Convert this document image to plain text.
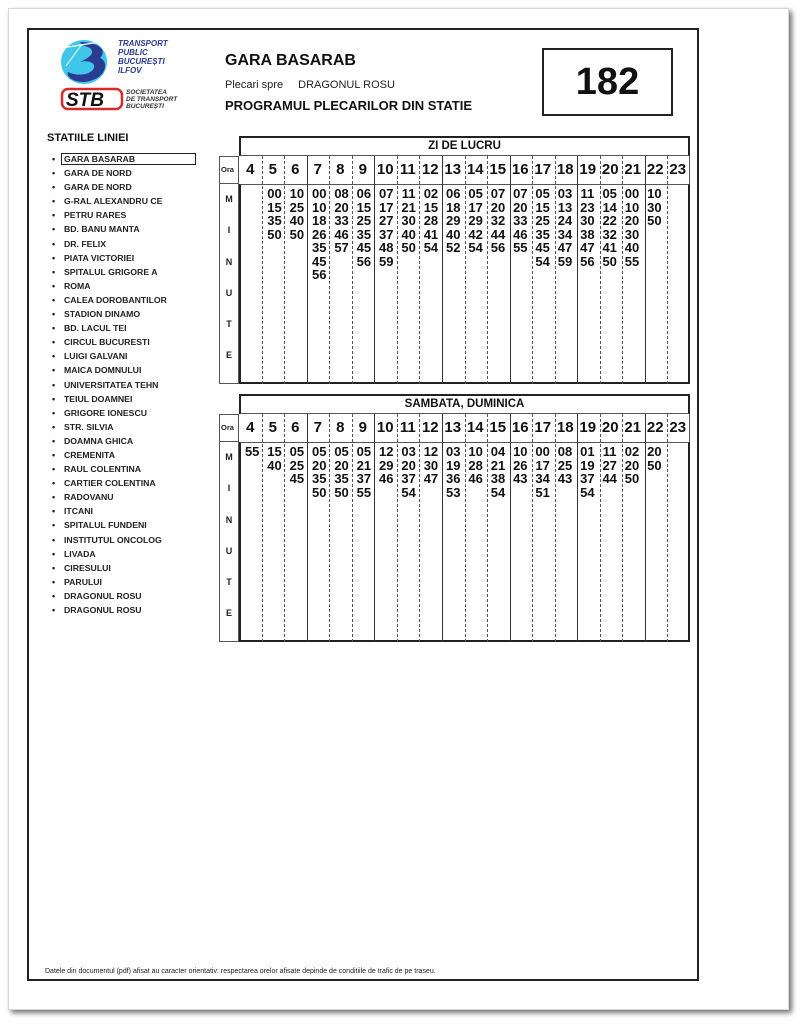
TRANSPORT
PUBLIC
BUCUREȘTI
ILFOV
STB	SOCIETATEA
DE TRANSPORT
BUCUREȘTI
GARA BASARAB
Plecari spre DRAGONUL ROSU
PROGRAMUL PLECARILOR DIN STATIE
182
STATIILE LINIEI
• GARA BASARAB
• GARA DE NORD
• GARA DE NORD
• G-RAL ALEXANDRU CE
• PETRU RARES
• BD. BANU MANTA
• DR. FELIX
• PIATA VICTORIEI
• SPITALUL GRIGORE A
• ROMA
• CALEA DOROBANTILOR
• STADION DINAMO
• BD. LACUL TEI
• CIRCUL BUCURESTI
• LUIGI GALVANI
• MAICA DOMNULUI
• UNIVERSITATEA TEHN
• TEIUL DOAMNEI
• GRIGORE IONESCU
• STR. SILVIA
• DOAMNA GHICA
• CREMENITA
• RAUL COLENTINA
• CARTIER COLENTINA
• RADOVANU
• ITCANI
• SPITALUL FUNDENI
• INSTITUTUL ONCOLOG
• LIVADA
• CIRESULUI
• PARULUI
• DRAGONUL ROSU
• DRAGONUL ROSU
ZI DE LUCRU
Ora 4 5 6 7 8 9 10 11 12 13 14 15 16 17 18 19 20 21 22 23
M
I
N
U
T
E
00
15
35
50
10
25
40
50
00
10
18
26
35
45
56
08
20
33
46
57
06
15
25
35
45
56
07
17
27
37
48
59
11
21
30
40
50
02
15
28
41
54
06
18
29
40
52
05
17
29
42
54
07
20
32
44
56
07
20
33
46
55
05
15
25
35
45
54
03
13
24
34
47
59
11
23
30
38
47
56
05
14
22
32
41
50
00
10
20
30
40
55
10
30
50
SAMBATA, DUMINICA
Ora 4 5 6 7 8 9 10 11 12 13 14 15 16 17 18 19 20 21 22 23
M
I
N
U
T
E
55 15
40
05
25
45
05
20
35
50
05
20
35
50
05
21
37
55
12
29
46
03
20
37
54
12
30
47
03
19
36
53
10
28
46
04
21
38
54
10
26
43
00
17
34
51
08
25
43
01
19
37
54
11
27
44
02
20
50
20
50
Datele din documentul (pdf) afisat au caracter orientativ: respectarea orelor afisate depinde de conditiile de trafic de pe traseu.
